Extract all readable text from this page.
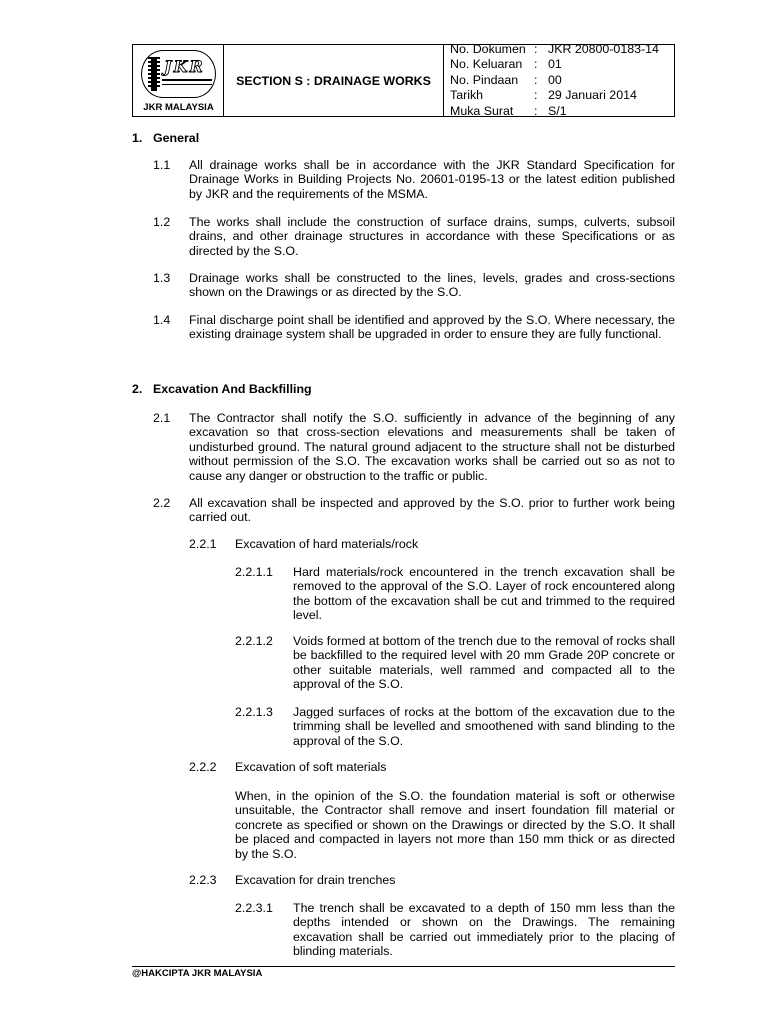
JKR
JKR MALAYSIA
SECTION S : DRAINAGE WORKS
No. Dokumen : JKR 20800-0183-14
No. Keluaran : 01
No. Pindaan	: 00
Tarikh	: 29 Januari 2014
Muka Surat	: S/1
1. General
1.1 All drainage works shall be in accordance with the JKR Standard Specification for Drainage Works in Building Projects No. 20601-0195-13 or the latest edition published by JKR and the requirements of the MSMA.
1.2 The works shall include the construction of surface drains, sumps, culverts, subsoil drains, and other drainage structures in accordance with these Specifications or as directed by the S.O.
1.3 Drainage works shall be constructed to the lines, levels, grades and cross-sections shown on the Drawings or as directed by the S.O.
1.4 Final discharge point shall be identified and approved by the S.O. Where necessary, the existing drainage system shall be upgraded in order to ensure they are fully functional.
2. Excavation And Backfilling
2.1 The Contractor shall notify the S.O. sufficiently in advance of the beginning of any excavation so that cross-section elevations and measurements shall be taken of undisturbed ground. The natural ground adjacent to the structure shall not be disturbed without permission of the S.O. The excavation works shall be carried out so as not to cause any danger or obstruction to the traffic or public.
2.2 All excavation shall be inspected and approved by the S.O. prior to further work being carried out.
2.2.1 Excavation of hard materials/rock
2.2.1.1 Hard materials/rock encountered in the trench excavation shall be removed to the approval of the S.O. Layer of rock encountered along the bottom of the excavation shall be cut and trimmed to the required level.
2.2.1.2 Voids formed at bottom of the trench due to the removal of rocks shall be backfilled to the required level with 20 mm Grade 20P concrete or other suitable materials, well rammed and compacted all to the approval of the S.O.
2.2.1.3 Jagged surfaces of rocks at the bottom of the excavation due to the trimming shall be levelled and smoothened with sand blinding to the approval of the S.O.
2.2.2 Excavation of soft materials
When, in the opinion of the S.O. the foundation material is soft or otherwise unsuitable, the Contractor shall remove and insert foundation fill material or concrete as specified or shown on the Drawings or directed by the S.O. It shall be placed and compacted in layers not more than 150 mm thick or as directed by the S.O.
2.2.3 Excavation for drain trenches
2.2.3.1 The trench shall be excavated to a depth of 150 mm less than the depths intended or shown on the Drawings. The remaining excavation shall be carried out immediately prior to the placing of blinding materials.
@HAKCIPTA JKR MALAYSIA
